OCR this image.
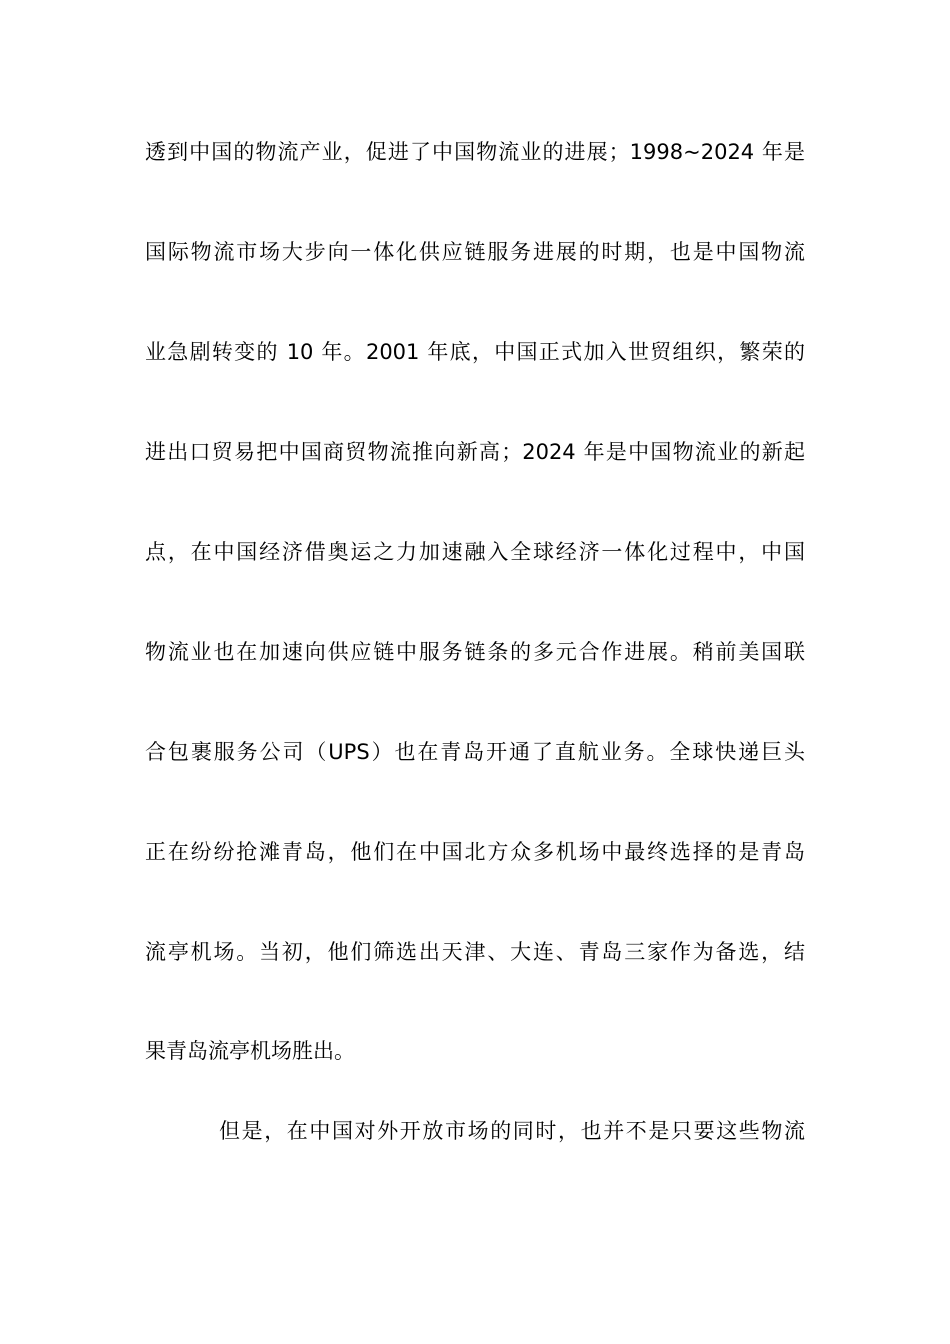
透到中国的物流产业，促进了中国物流业的进展；1998~2024 年是
国际物流市场大步向一体化供应链服务进展的时期，也是中国物流
业急剧转变的 10 年。2001 年底，中国正式加入世贸组织，繁荣的
进出口贸易把中国商贸物流推向新高；2024 年是中国物流业的新起
点，在中国经济借奥运之力加速融入全球经济一体化过程中，中国
物流业也在加速向供应链中服务链条的多元合作进展。稍前美国联
合包裹服务公司（UPS）也在青岛开通了直航业务。全球快递巨头
正在纷纷抢滩青岛，他们在中国北方众多机场中最终选择的是青岛
流亭机场。当初，他们筛选出天津、大连、青岛三家作为备选，结
果青岛流亭机场胜出。
但是，在中国对外开放市场的同时，也并不是只要这些物流
